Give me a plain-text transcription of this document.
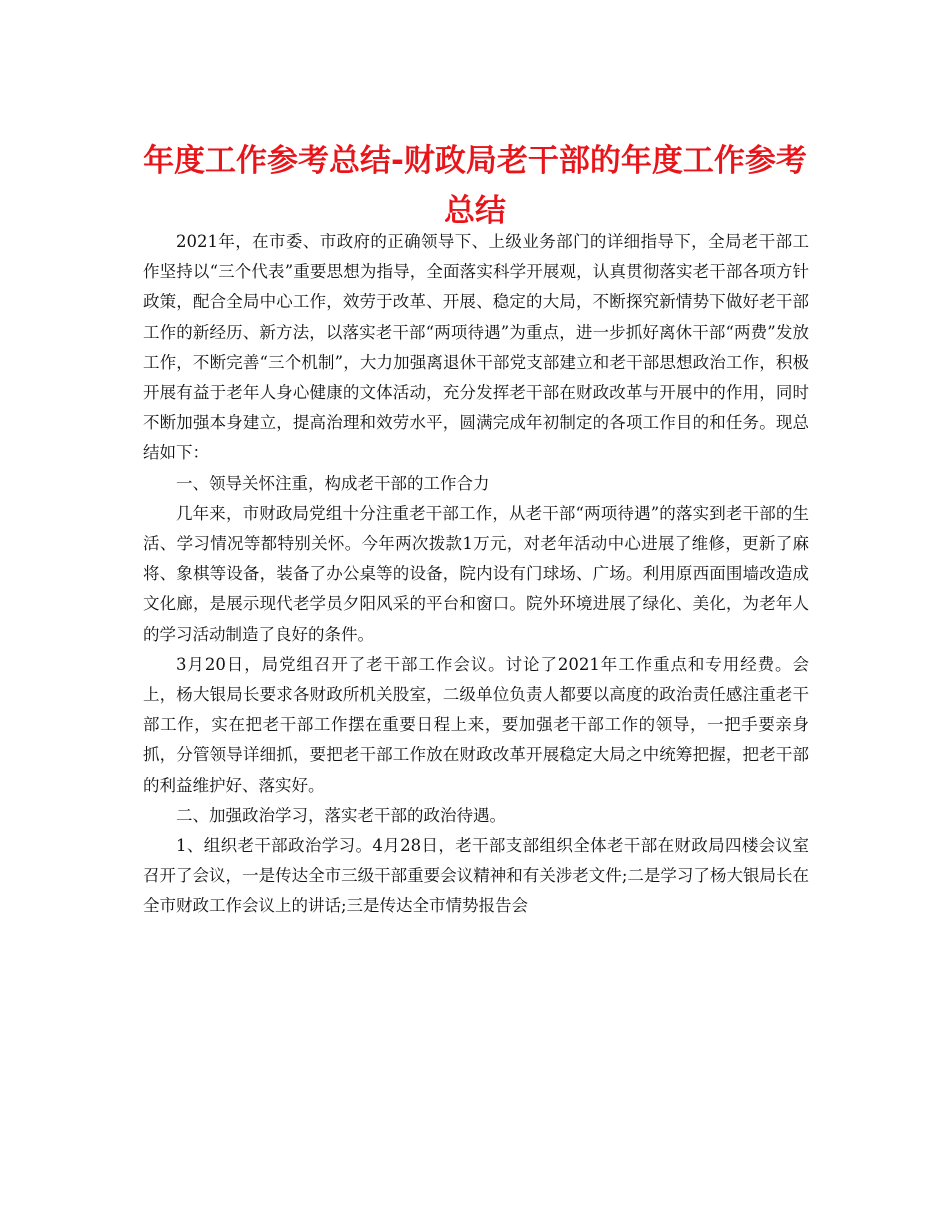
年度工作参考总结-财政局老干部的年度工作参考总结

2021年，在市委、市政府的正确领导下、上级业务部门的详细指导下，全局老干部工作坚持以“三个代表”重要思想为指导，全面落实科学开展观，认真贯彻落实老干部各项方针政策，配合全局中心工作，效劳于改革、开展、稳定的大局，不断探究新情势下做好老干部工作的新经历、新方法，以落实老干部“两项待遇”为重点，进一步抓好离休干部“两费”发放工作，不断完善“三个机制”，大力加强离退休干部党支部建立和老干部思想政治工作，积极开展有益于老年人身心健康的文体活动，充分发挥老干部在财政改革与开展中的作用，同时不断加强本身建立，提高治理和效劳水平，圆满完成年初制定的各项工作目的和任务。现总结如下：

一、领导关怀注重，构成老干部的工作合力

几年来，市财政局党组十分注重老干部工作，从老干部“两项待遇”的落实到老干部的生活、学习情况等都特别关怀。今年两次拨款1万元，对老年活动中心进展了维修，更新了麻将、象棋等设备，装备了办公桌等的设备，院内设有门球场、广场。利用原西面围墙改造成文化廊，是展示现代老学员夕阳风采的平台和窗口。院外环境进展了绿化、美化，为老年人的学习活动制造了良好的条件。

3月20日，局党组召开了老干部工作会议。讨论了2021年工作重点和专用经费。会上，杨大银局长要求各财政所机关股室，二级单位负责人都要以高度的政治责任感注重老干部工作，实在把老干部工作摆在重要日程上来，要加强老干部工作的领导，一把手要亲身抓，分管领导详细抓，要把老干部工作放在财政改革开展稳定大局之中统筹把握，把老干部的利益维护好、落实好。

二、加强政治学习，落实老干部的政治待遇。

1、组织老干部政治学习。4月28日，老干部支部组织全体老干部在财政局四楼会议室召开了会议，一是传达全市三级干部重要会议精神和有关涉老文件;二是学习了杨大银局长在全市财政工作会议上的讲话;三是传达全市情势报告会
